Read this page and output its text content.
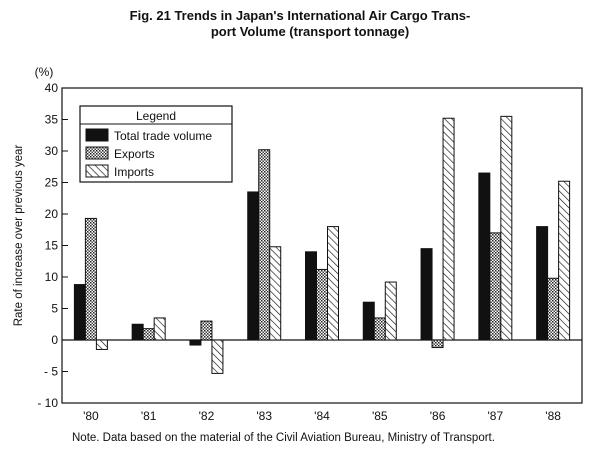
Fig. 21 Trends in Japan's International Air Cargo Trans-
port Volume (transport tonnage)
- 10
- 5
0
5
10
15
20
25
30
35
40
(%)
Rate of increase over previous year
'80	'81	'82	'83	'84	'85	'86	'87	'88
Legend
Total trade volume
Exports
Imports
Note. Data based on the material of the Civil Aviation Bureau, Ministry of Transport.
